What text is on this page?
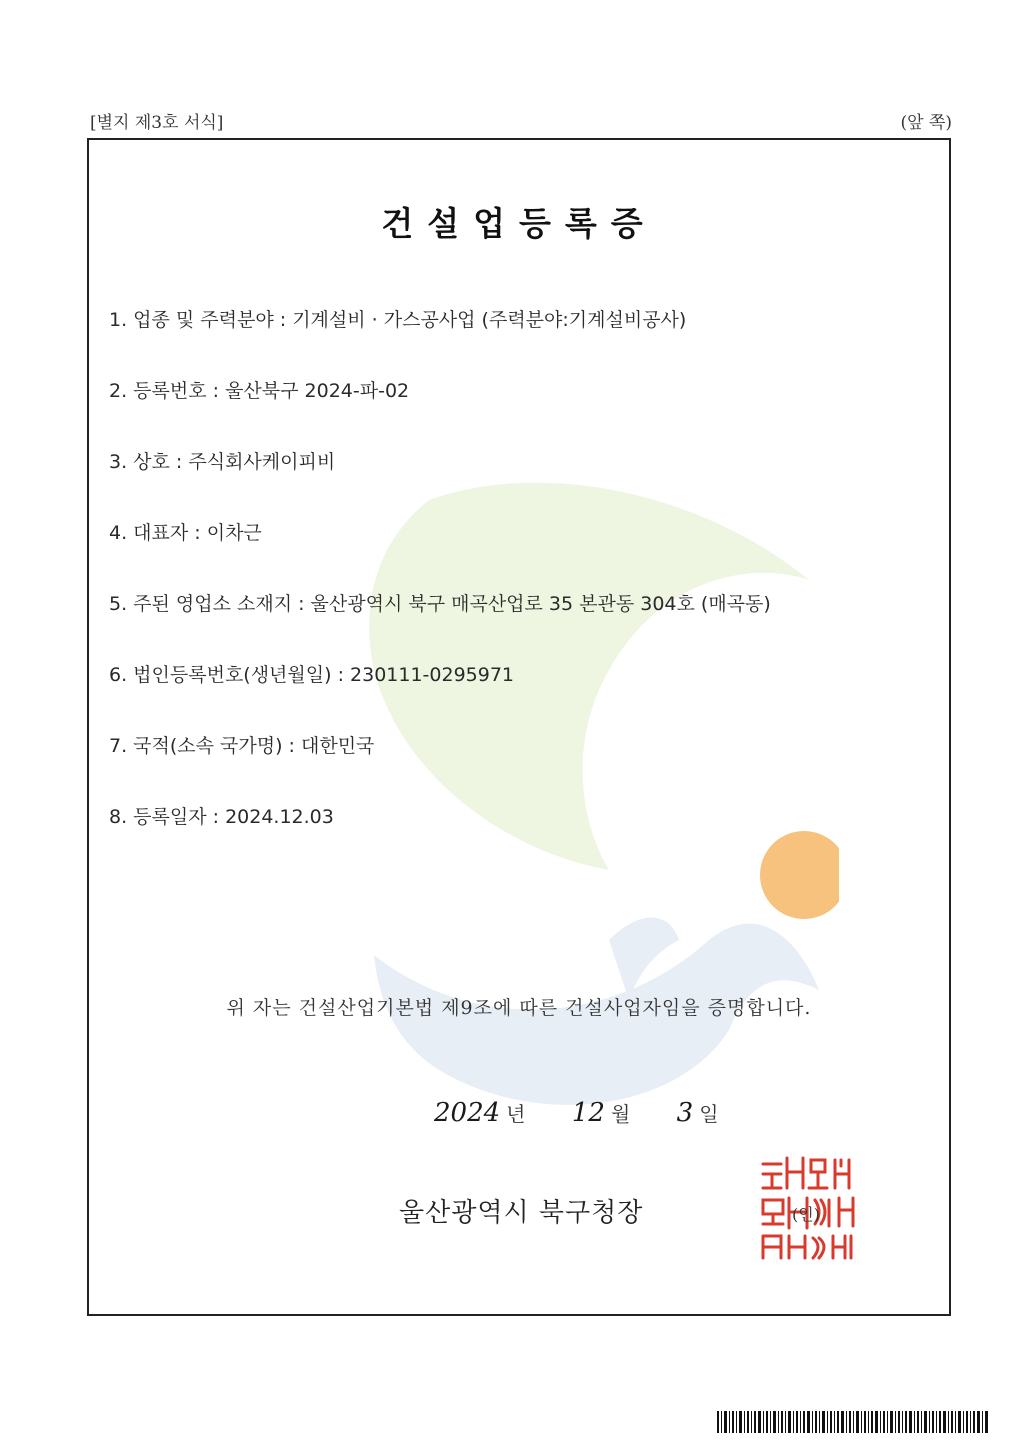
[별지 제3호 서식]	(앞 쪽)
건설업등록증
1. 업종 및 주력분야 : 기계설비 · 가스공사업 (주력분야:기계설비공사)
2. 등록번호 : 울산북구 2024-파-02
3. 상호 : 주식회사케이피비
4. 대표자 : 이차근
5. 주된 영업소 소재지 : 울산광역시 북구 매곡산업로 35 본관동 304호 (매곡동)
6. 법인등록번호(생년월일) : 230111-0295971
7. 국적(소속 국가명) : 대한민국
8. 등록일자 : 2024.12.03
위 자는 건설산업기본법 제9조에 따른 건설사업자임을 증명합니다.
2024 년 12 월 3 일
울산광역시 북구청장	(인)
